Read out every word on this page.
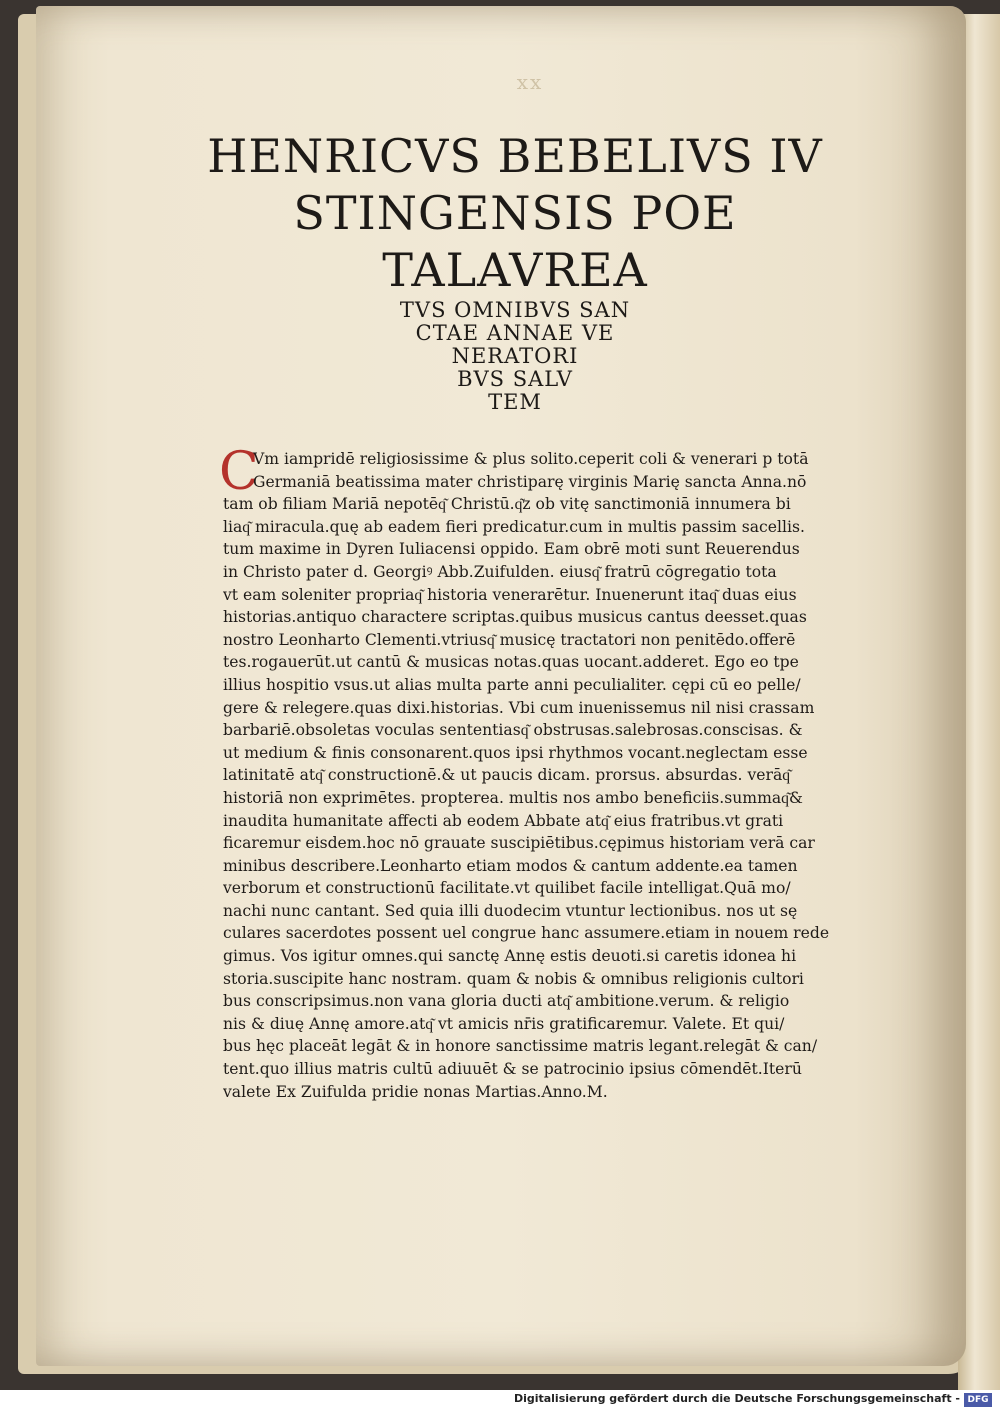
xx

HENRICVS BEBELIVS IV

STINGENSIS POE

TALAVREA

TVS OMNIBVS SAN

CTAE ANNAE VE

NERATORI

BVS SALV

TEM

C
Vm iampridē religiosissime & plus solito.ceperit coli & venerari p totā
Germaniā beatissima mater christiparę virginis Marię sancta Anna.nō
tam ob filiam Mariā nepotēq͂ Christū.q͂z ob vitę sanctimoniā innumera bi
liaq͂ miracula.quę ab eadem fieri predicatur.cum in multis passim sacellis.
tum maxime in Dyren Iuliacensi oppido. Eam obrē moti sunt Reuerendus
in Christo pater d. Georgiꝰ Abb.Zuifulden. eiusq͂ fratrū cōgregatio tota
vt eam soleniter propriaq͂ historia venerarētur. Inuenerunt itaq͂ duas eius
historias.antiquo charactere scriptas.quibus musicus cantus deesset.quas
nostro Leonharto Clementi.vtriusq͂ musicę tractatori non penitēdo.offerē
tes.rogauerūt.ut cantū & musicas notas.quas uocant.adderet. Ego eo tpe
illius hospitio vsus.ut alias multa parte anni peculialiter. cępi cū eo pelle/
gere & relegere.quas dixi.historias. Vbi cum inuenissemus nil nisi crassam
barbariē.obsoletas voculas sententiasq͂ obstrusas.salebrosas.conscisas. &
ut medium & finis consonarent.quos ipsi rhythmos vocant.neglectam esse
latinitatē atq͂ constructionē.& ut paucis dicam. prorsus. absurdas. verāq͂
historiā non exprimētes. propterea. multis nos ambo beneficiis.summaq͂&
inaudita humanitate affecti ab eodem Abbate atq͂ eius fratribus.vt grati
ficaremur eisdem.hoc nō grauate suscipiētibus.cępimus historiam verā car
minibus describere.Leonharto etiam modos & cantum addente.ea tamen
verborum et constructionū facilitate.vt quilibet facile intelligat.Quā mo/
nachi nunc cantant. Sed quia illi duodecim vtuntur lectionibus. nos ut sę
culares sacerdotes possent uel congrue hanc assumere.etiam in nouem rede
gimus. Vos igitur omnes.qui sanctę Annę estis deuoti.si caretis idonea hi
storia.suscipite hanc nostram. quam & nobis & omnibus religionis cultori
bus conscripsimus.non vana gloria ducti atq͂ ambitione.verum. & religio
nis & diuę Annę amore.atq͂ vt amicis nr̄is gratificaremur. Valete. Et qui/
bus hęc placeāt legāt & in honore sanctissime matris legant.relegāt & can/
tent.quo illius matris cultū adiuuēt & se patrocinio ipsius cōmendēt.Iterū
valete Ex Zuifulda pridie nonas Martias.Anno.M.
Digitalisierung gefördert durch die Deutsche Forschungsgemeinschaft - DFG
